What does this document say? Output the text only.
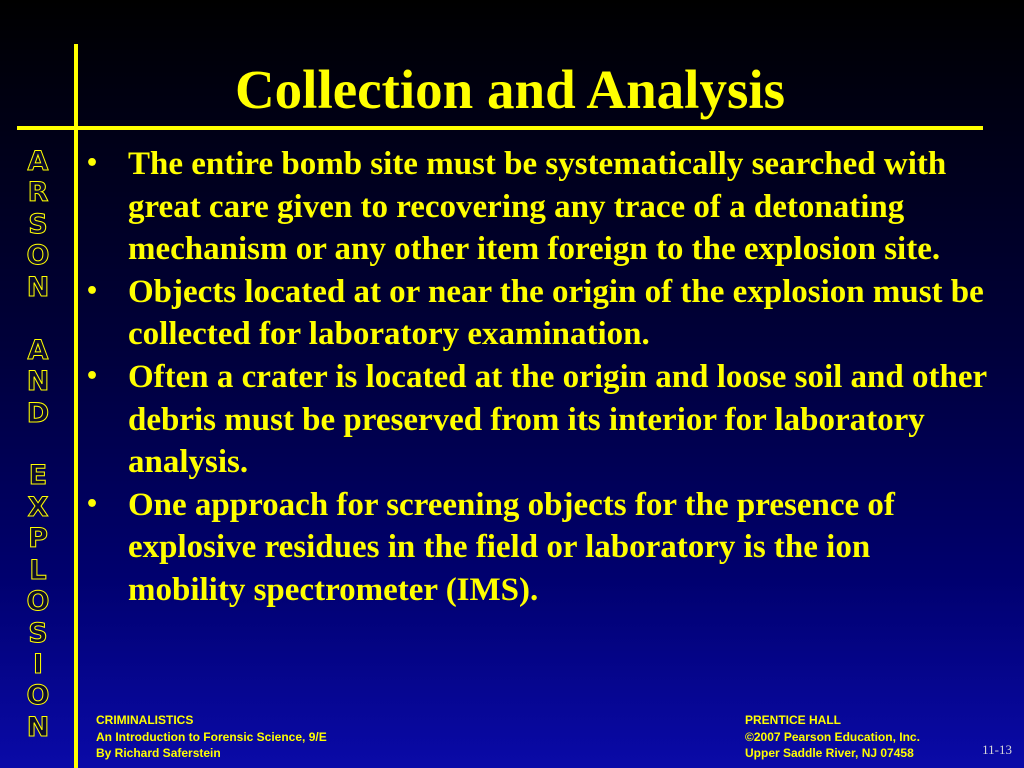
Collection and Analysis
A
R
S
O
N
A
N
D
E
X
P
L
O
S
I
O
N
• The entire bomb site must be systematically searched with great care given to recovering any trace of a detonating mechanism or any other item foreign to the explosion site.
• Objects located at or near the origin of the explosion must be collected for laboratory examination.
• Often a crater is located at the origin and loose soil and other debris must be preserved from its interior for laboratory analysis.
• One approach for screening objects for the presence of explosive residues in the field or laboratory is the ion mobility spectrometer (IMS).
CRIMINALISTICS
An Introduction to Forensic Science, 9/E
By Richard Saferstein
PRENTICE HALL
©2007 Pearson Education, Inc.
Upper Saddle River, NJ 07458	11-13
